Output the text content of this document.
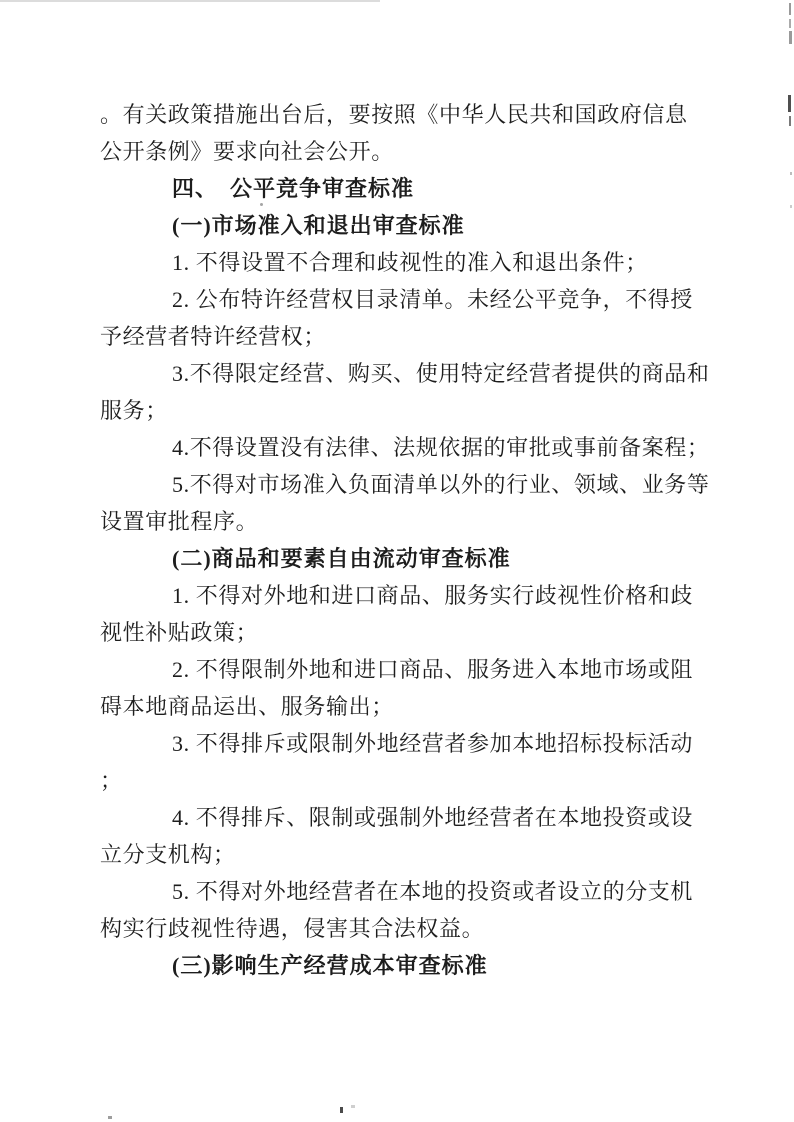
。有关政策措施出台后，要按照《中华人民共和国政府信息
公开条例》要求向社会公开。
四、　公平竞争审查标准
(一)市场准入和退出审查标准
1. 不得设置不合理和歧视性的准入和退出条件；
2. 公布特许经营权目录清单。未经公平竞争，不得授
予经营者特许经营权；
3.不得限定经营、购买、使用特定经营者提供的商品和
服务；
4.不得设置没有法律、法规依据的审批或事前备案程；
5.不得对市场准入负面清单以外的行业、领域、业务等
设置审批程序。
(二)商品和要素自由流动审查标准
1. 不得对外地和进口商品、服务实行歧视性价格和歧
视性补贴政策；
2. 不得限制外地和进口商品、服务进入本地市场或阻
碍本地商品运出、服务输出；
3. 不得排斥或限制外地经营者参加本地招标投标活动
；
4. 不得排斥、限制或强制外地经营者在本地投资或设
立分支机构；
5. 不得对外地经营者在本地的投资或者设立的分支机
构实行歧视性待遇，侵害其合法权益。
(三)影响生产经营成本审查标准
